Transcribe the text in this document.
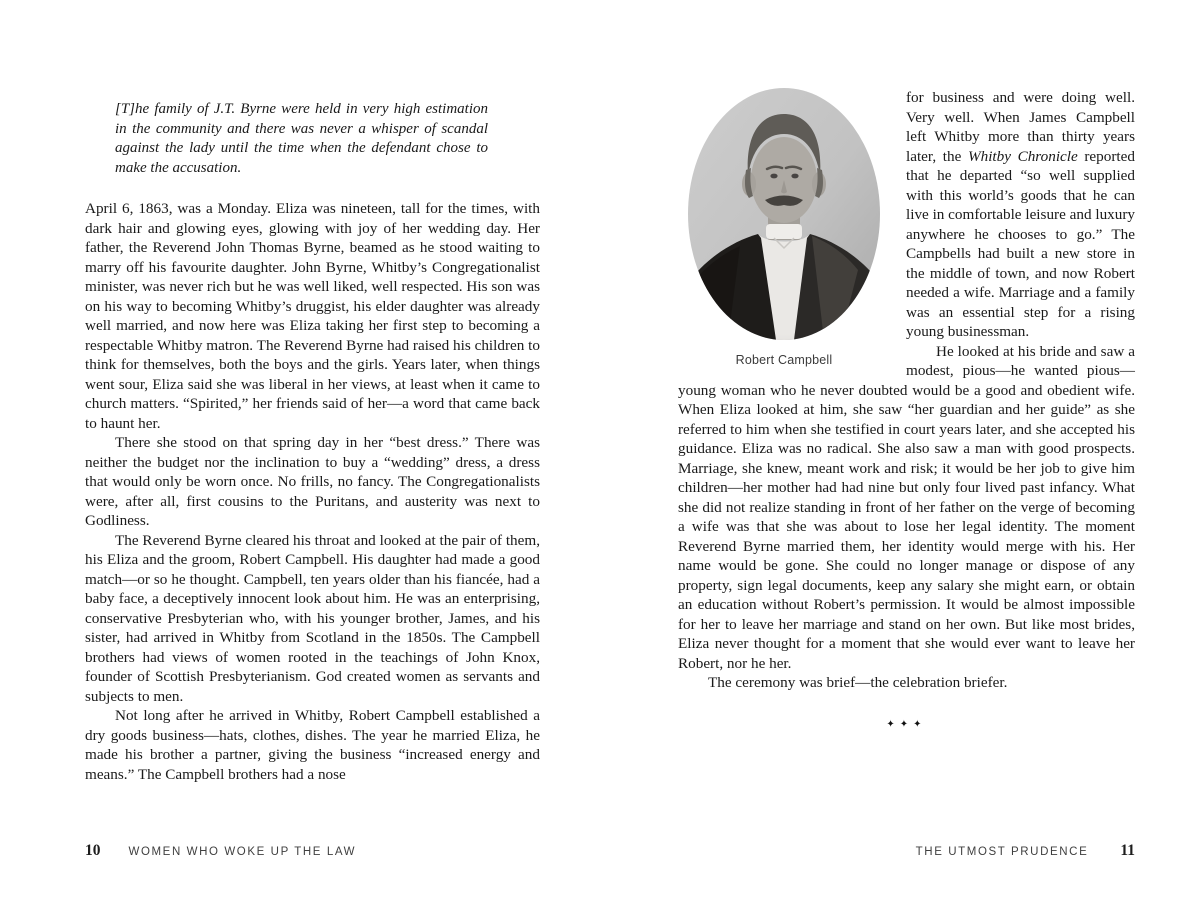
[T]he family of J.T. Byrne were held in very high estimation in the community and there was never a whisper of scandal against the lady until the time when the defendant chose to make the accusation.

April 6, 1863, was a Monday. Eliza was nineteen, tall for the times, with dark hair and glowing eyes, glowing with joy of her wedding day. Her father, the Reverend John Thomas Byrne, beamed as he stood waiting to marry off his favourite daughter. John Byrne, Whitby’s Congregationalist minister, was never rich but he was well liked, well respected. His son was on his way to becoming Whitby’s druggist, his elder daughter was already well married, and now here was Eliza taking her first step to becoming a respectable Whitby matron. The Reverend Byrne had raised his children to think for themselves, both the boys and the girls. Years later, when things went sour, Eliza said she was liberal in her views, at least when it came to church matters. “Spirited,” her friends said of her—a word that came back to haunt her.

There she stood on that spring day in her “best dress.” There was neither the budget nor the inclination to buy a “wedding” dress, a dress that would only be worn once. No frills, no fancy. The Congregationalists were, after all, first cousins to the Puritans, and austerity was next to Godliness.

The Reverend Byrne cleared his throat and looked at the pair of them, his Eliza and the groom, Robert Campbell. His daughter had made a good match—or so he thought. Campbell, ten years older than his fiancée, had a baby face, a deceptively innocent look about him. He was an enterprising, conservative Presbyterian who, with his younger brother, James, and his sister, had arrived in Whitby from Scotland in the 1850s. The Campbell brothers had views of women rooted in the teachings of John Knox, founder of Scottish Presbyterianism. God created women as servants and subjects to men.

Not long after he arrived in Whitby, Robert Campbell established a dry goods business—hats, clothes, dishes. The year he married Eliza, he made his brother a partner, giving the business “increased energy and means.” The Campbell brothers had a nose

Robert Campbell

for business and were doing well. Very well. When James Campbell left Whitby more than thirty years later, the Whitby Chronicle reported that he departed “so well supplied with this world’s goods that he can live in comfortable leisure and luxury anywhere he chooses to go.” The Campbells had built a new store in the middle of town, and now Robert needed a wife. Marriage and a family was an essential step for a rising young businessman.

He looked at his bride and saw a modest, pious—he wanted pious—young woman who he never doubted would be a good and obedient wife. When Eliza looked at him, she saw “her guardian and her guide” as she referred to him when she testified in court years later, and she accepted his guidance. Eliza was no radical. She also saw a man with good prospects. Marriage, she knew, meant work and risk; it would be her job to give him children—her mother had had nine but only four lived past infancy. What she did not realize standing in front of her father on the verge of becoming a wife was that she was about to lose her legal identity. The moment Reverend Byrne married them, her identity would merge with his. Her name would be gone. She could no longer manage or dispose of any property, sign legal documents, keep any salary she might earn, or obtain an education without Robert’s permission. It would be almost impossible for her to leave her marriage and stand on her own. But like most brides, Eliza never thought for a moment that she would ever want to leave her Robert, nor he her.

The ceremony was brief—the celebration briefer.

✦✦✦
10 WOMEN WHO WOKE UP THE LAW	THE UTMOST PRUDENCE 11
